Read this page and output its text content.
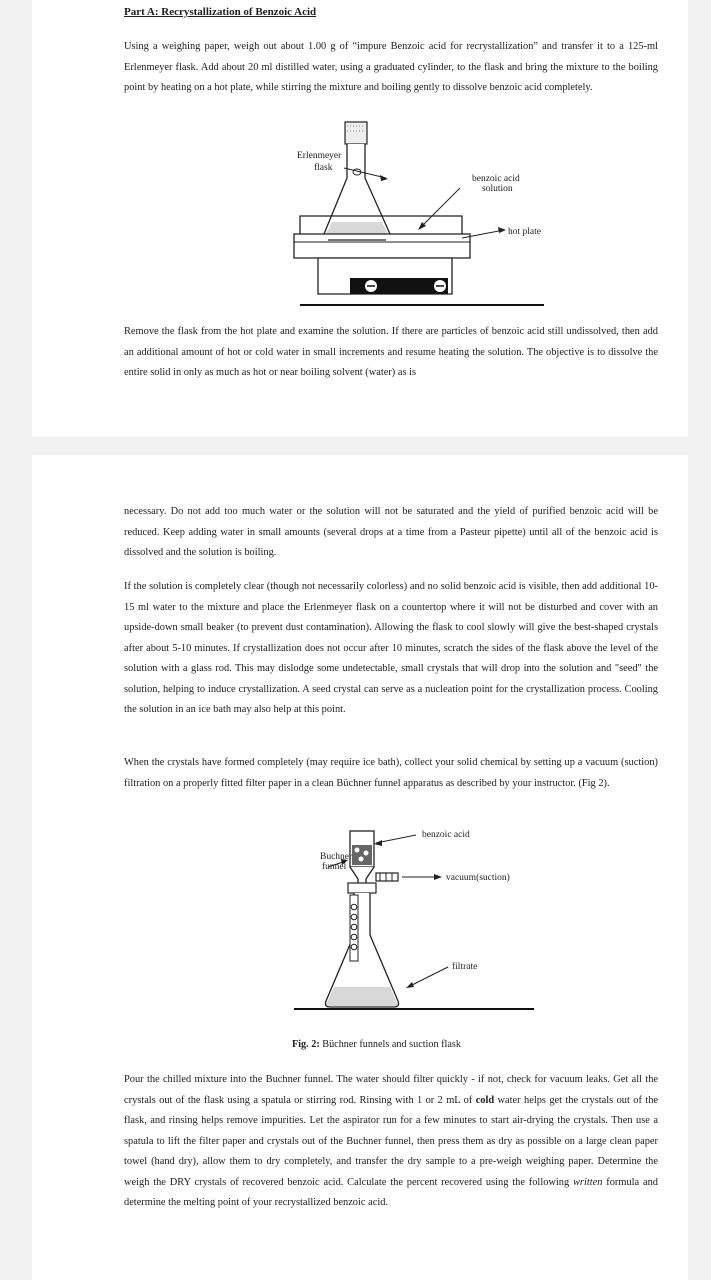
Part A: Recrystallization of Benzoic Acid

Using a weighing paper, weigh out about 1.00 g of “impure Benzoic acid for recrystallization” and transfer it to a 125-ml Erlenmeyer flask. Add about 20 ml distilled water, using a graduated cylinder, to the flask and bring the mixture to the boiling point by heating on a hot plate, while stirring the mixture and boiling gently to dissolve benzoic acid completely.

Erlenmeyer
flask
benzoic acid
solution
hot plate

Remove the flask from the hot plate and examine the solution. If there are particles of benzoic acid still undissolved, then add an additional amount of hot or cold water in small increments and resume heating the solution. The objective is to dissolve the entire solid in only as much as hot or near boiling solvent (water) as is

necessary. Do not add too much water or the solution will not be saturated and the yield of purified benzoic acid will be reduced. Keep adding water in small amounts (several drops at a time from a Pasteur pipette) until all of the benzoic acid is dissolved and the solution is boiling.

If the solution is completely clear (though not necessarily colorless) and no solid benzoic acid is visible, then add additional 10-15 ml water to the mixture and place the Erlenmeyer flask on a countertop where it will not be disturbed and cover with an upside-down small beaker (to prevent dust contamination). Allowing the flask to cool slowly will give the best-shaped crystals after about 5-10 minutes. If crystallization does not occur after 10 minutes, scratch the sides of the flask above the level of the solution with a glass rod. This may dislodge some undetectable, small crystals that will drop into the solution and "seed" the solution, helping to induce crystallization. A seed crystal can serve as a nucleation point for the crystallization process. Cooling the solution in an ice bath may also help at this point.

When the crystals have formed completely (may require ice bath), collect your solid chemical by setting up a vacuum (suction) filtration on a properly fitted filter paper in a clean Büchner funnel apparatus as described by your instructor. (Fig 2).

benzoic acid
Buchner
funnel
vacuum(suction)
filtrate

Fig. 2: Büchner funnels and suction flask

Pour the chilled mixture into the Buchner funnel. The water should filter quickly - if not, check for vacuum leaks. Get all the crystals out of the flask using a spatula or stirring rod. Rinsing with 1 or 2 mL of cold water helps get the crystals out of the flask, and rinsing helps remove impurities. Let the aspirator run for a few minutes to start air-drying the crystals. Then use a spatula to lift the filter paper and crystals out of the Buchner funnel, then press them as dry as possible on a large clean paper towel (hand dry), allow them to dry completely, and transfer the dry sample to a pre-weigh weighing paper. Determine the weigh the DRY crystals of recovered benzoic acid. Calculate the percent recovered using the following written formula and determine the melting point of your recrystallized benzoic acid.
